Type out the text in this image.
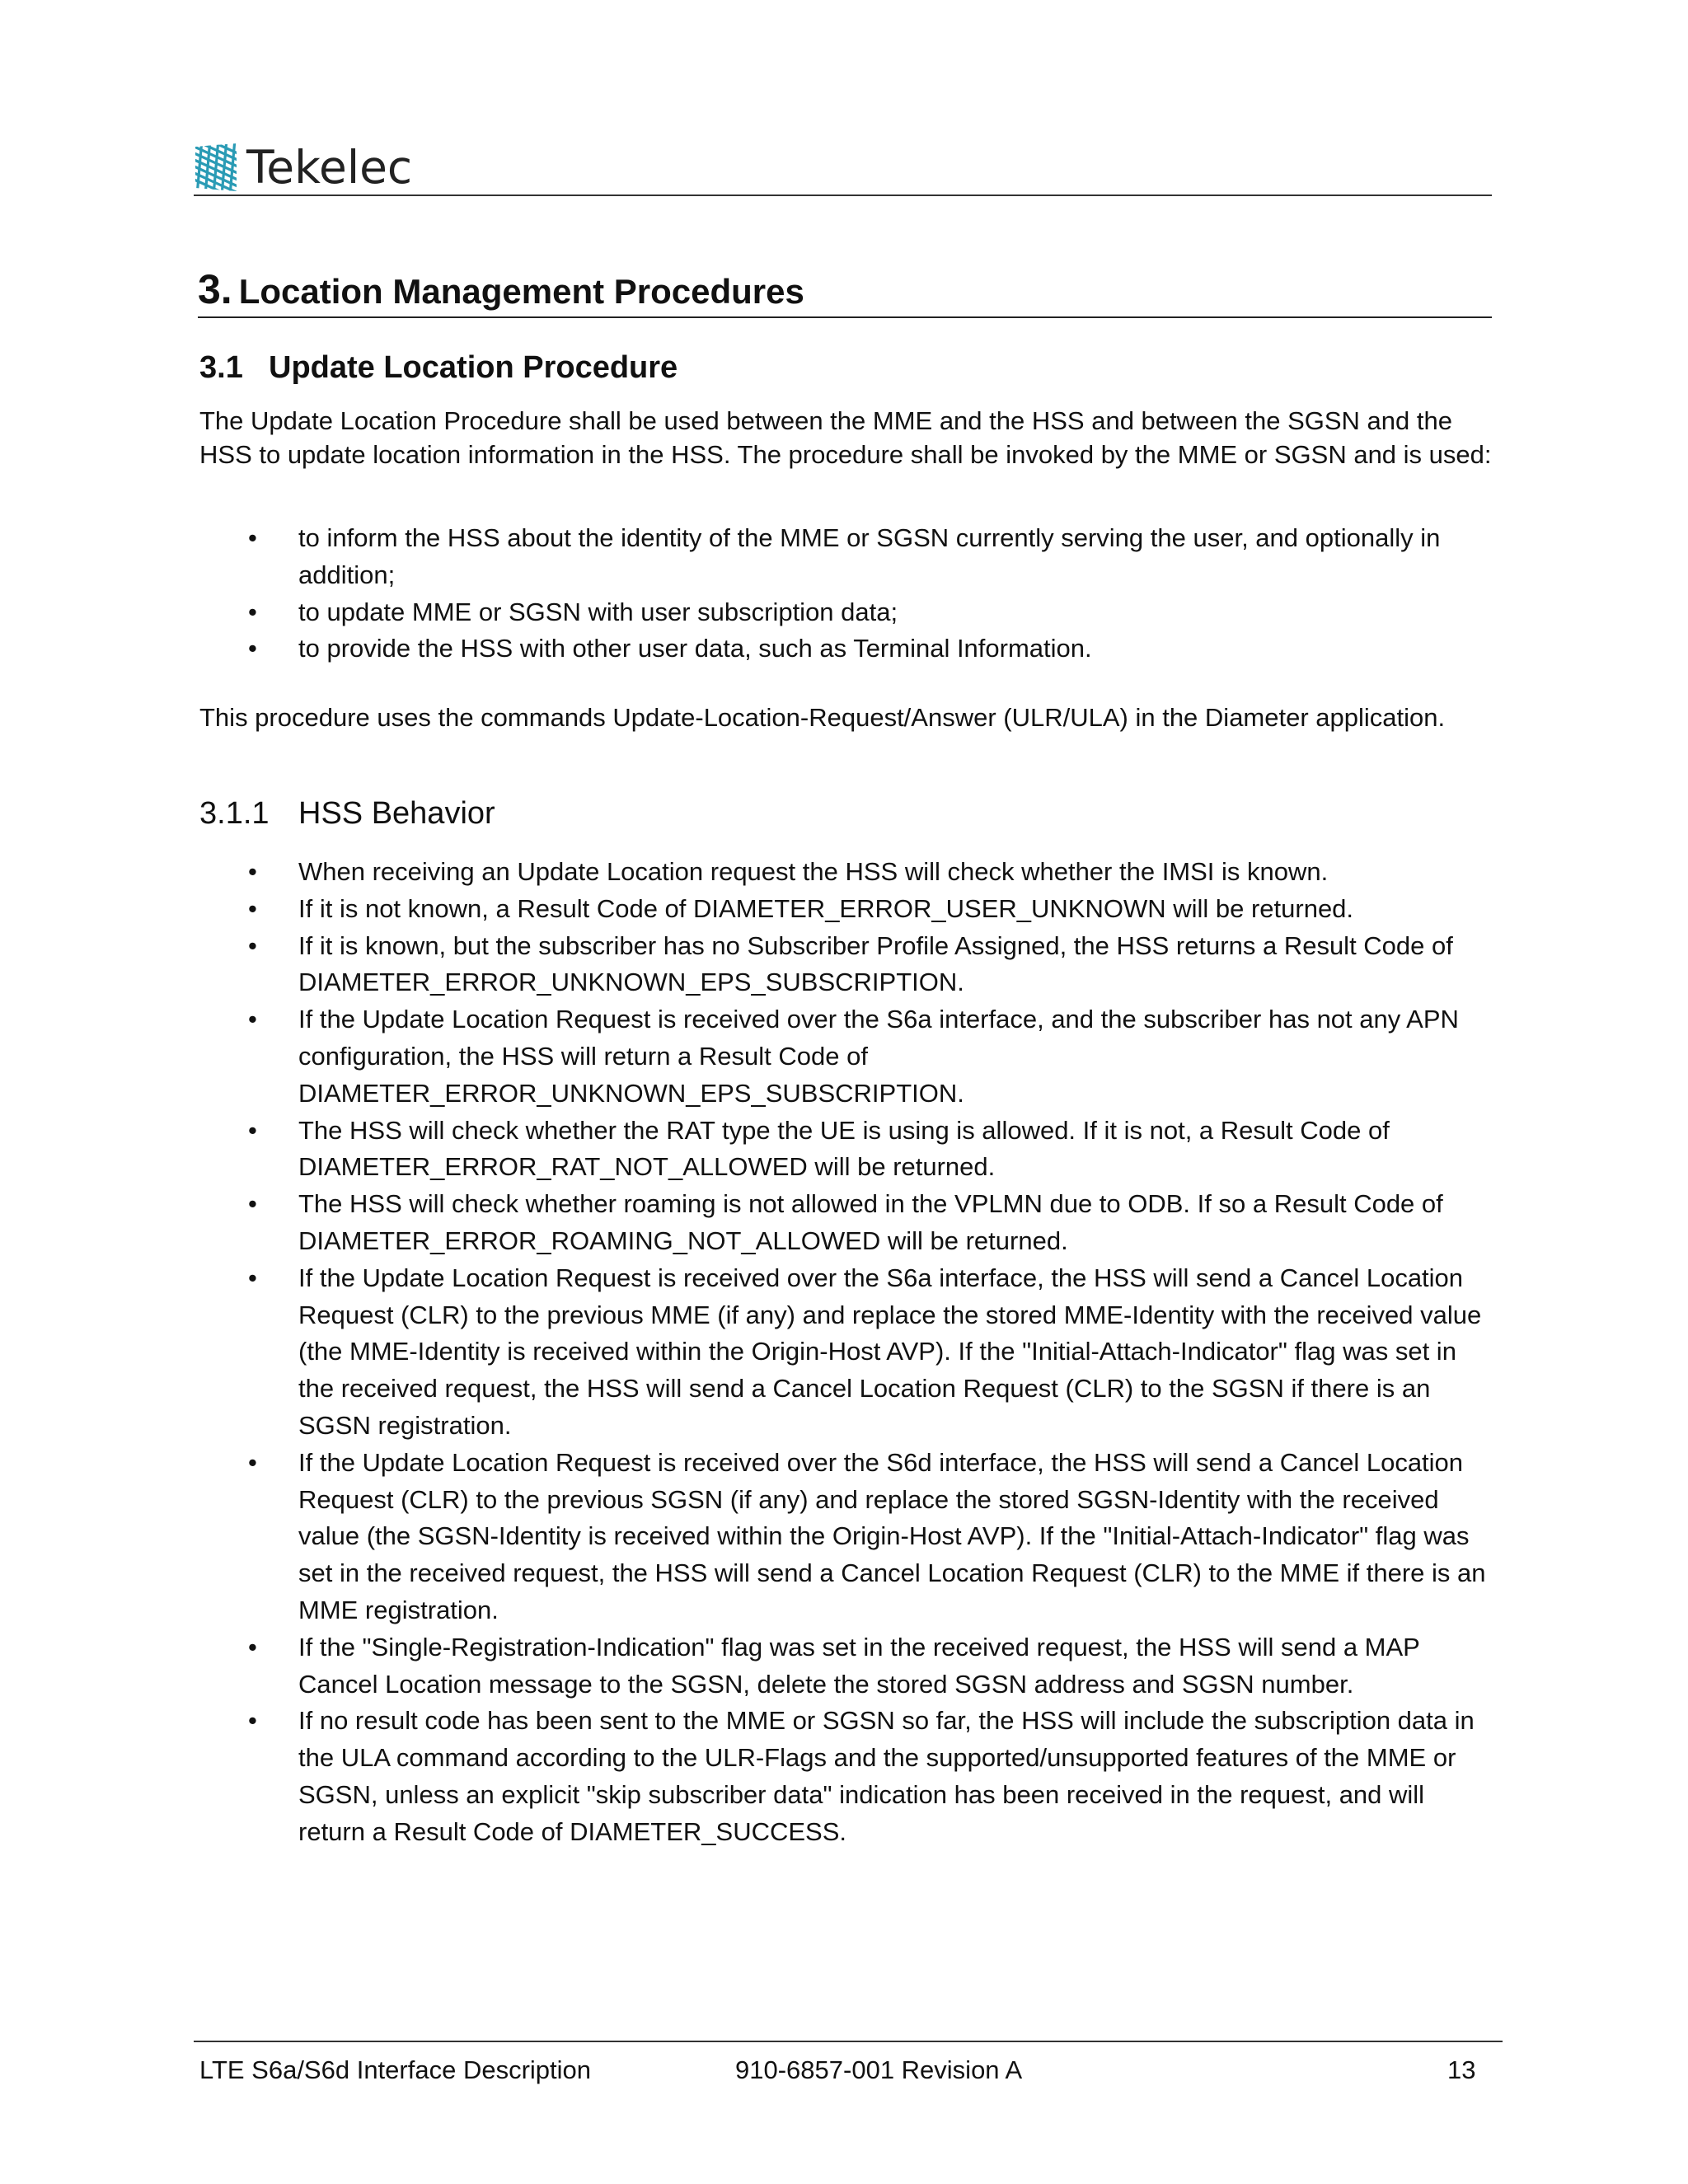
Tekelec
3. Location Management Procedures
3.1 Update Location Procedure

The Update Location Procedure shall be used between the MME and the HSS and between the SGSN and the HSS to update location information in the HSS. The procedure shall be invoked by the MME or SGSN and is used:

• to inform the HSS about the identity of the MME or SGSN currently serving the user, and optionally in addition;
• to update MME or SGSN with user subscription data;
• to provide the HSS with other user data, such as Terminal Information.

This procedure uses the commands Update-Location-Request/Answer (ULR/ULA) in the Diameter application.

3.1.1 HSS Behavior
• When receiving an Update Location request the HSS will check whether the IMSI is known.
• If it is not known, a Result Code of DIAMETER_ERROR_USER_UNKNOWN will be returned.
• If it is known, but the subscriber has no Subscriber Profile Assigned, the HSS returns a Result Code of DIAMETER_ERROR_UNKNOWN_EPS_SUBSCRIPTION.
• If the Update Location Request is received over the S6a interface, and the subscriber has not any APN configuration, the HSS will return a Result Code of DIAMETER_ERROR_UNKNOWN_EPS_SUBSCRIPTION.
• The HSS will check whether the RAT type the UE is using is allowed. If it is not, a Result Code of DIAMETER_ERROR_RAT_NOT_ALLOWED will be returned.
• The HSS will check whether roaming is not allowed in the VPLMN due to ODB. If so a Result Code of DIAMETER_ERROR_ROAMING_NOT_ALLOWED will be returned.
• If the Update Location Request is received over the S6a interface, the HSS will send a Cancel Location Request (CLR) to the previous MME (if any) and replace the stored MME-Identity with the received value (the MME-Identity is received within the Origin-Host AVP). If the "Initial-Attach-Indicator" flag was set in the received request, the HSS will send a Cancel Location Request (CLR) to the SGSN if there is an SGSN registration.
• If the Update Location Request is received over the S6d interface, the HSS will send a Cancel Location Request (CLR) to the previous SGSN (if any) and replace the stored SGSN-Identity with the received value (the SGSN-Identity is received within the Origin-Host AVP). If the "Initial-Attach-Indicator" flag was set in the received request, the HSS will send a Cancel Location Request (CLR) to the MME if there is an MME registration.
• If the "Single-Registration-Indication" flag was set in the received request, the HSS will send a MAP Cancel Location message to the SGSN, delete the stored SGSN address and SGSN number.
• If no result code has been sent to the MME or SGSN so far, the HSS will include the subscription data in the ULA command according to the ULR-Flags and the supported/unsupported features of the MME or SGSN, unless an explicit "skip subscriber data" indication has been received in the request, and will return a Result Code of DIAMETER_SUCCESS.
LTE S6a/S6d Interface Description	910-6857-001 Revision A	13
